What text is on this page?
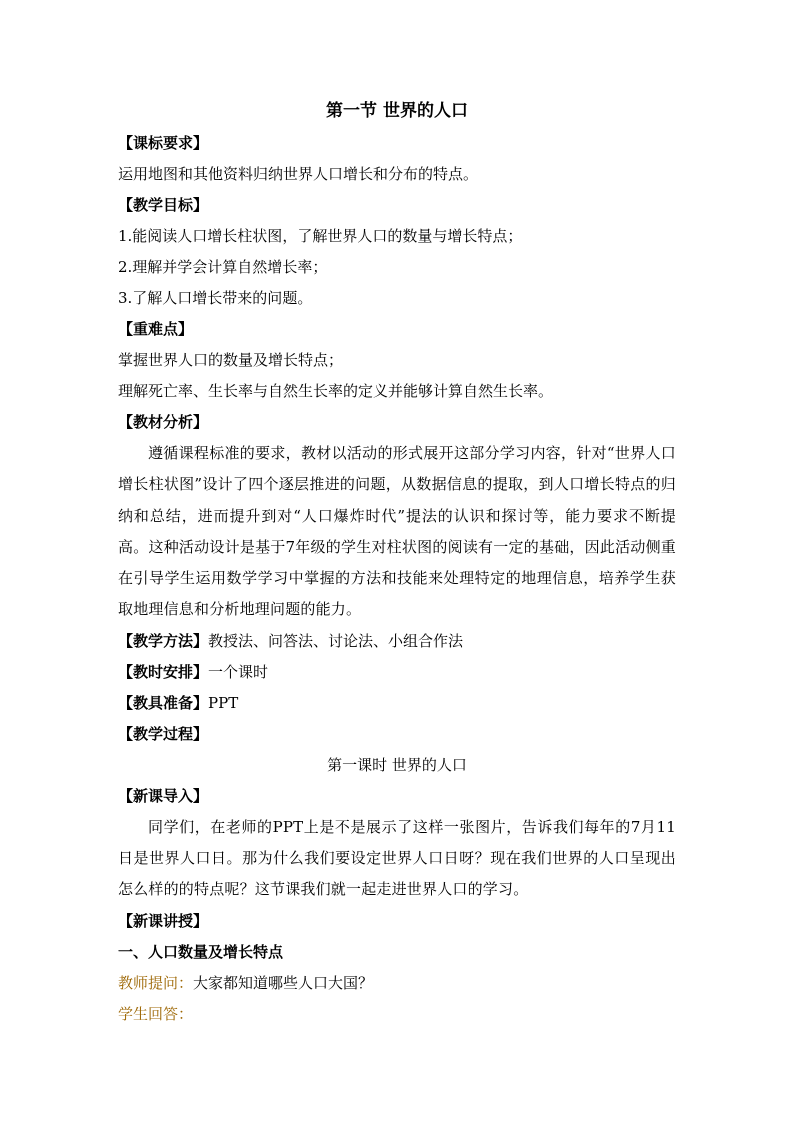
第一节 世界的人口
【课标要求】
运用地图和其他资料归纳世界人口增长和分布的特点。
【教学目标】
1.能阅读人口增长柱状图，了解世界人口的数量与增长特点；
2.理解并学会计算自然增长率；
3.了解人口增长带来的问题。
【重难点】
掌握世界人口的数量及增长特点；
理解死亡率、生长率与自然生长率的定义并能够计算自然生长率。
【教材分析】
遵循课程标准的要求，教材以活动的形式展开这部分学习内容，针对“世界人口增长柱状图”设计了四个逐层推进的问题，从数据信息的提取，到人口增长特点的归纳和总结，进而提升到对“人口爆炸时代”提法的认识和探讨等，能力要求不断提高。这种活动设计是基于7年级的学生对柱状图的阅读有一定的基础，因此活动侧重在引导学生运用数学学习中掌握的方法和技能来处理特定的地理信息，培养学生获取地理信息和分析地理问题的能力。
【教学方法】教授法、问答法、讨论法、小组合作法
【教时安排】一个课时
【教具准备】PPT
【教学过程】
第一课时 世界的人口
【新课导入】
同学们，在老师的PPT上是不是展示了这样一张图片，告诉我们每年的7月11日是世界人口日。那为什么我们要设定世界人口日呀？现在我们世界的人口呈现出怎么样的的特点呢？这节课我们就一起走进世界人口的学习。
【新课讲授】
一、人口数量及增长特点
教师提问：大家都知道哪些人口大国？
学生回答：
